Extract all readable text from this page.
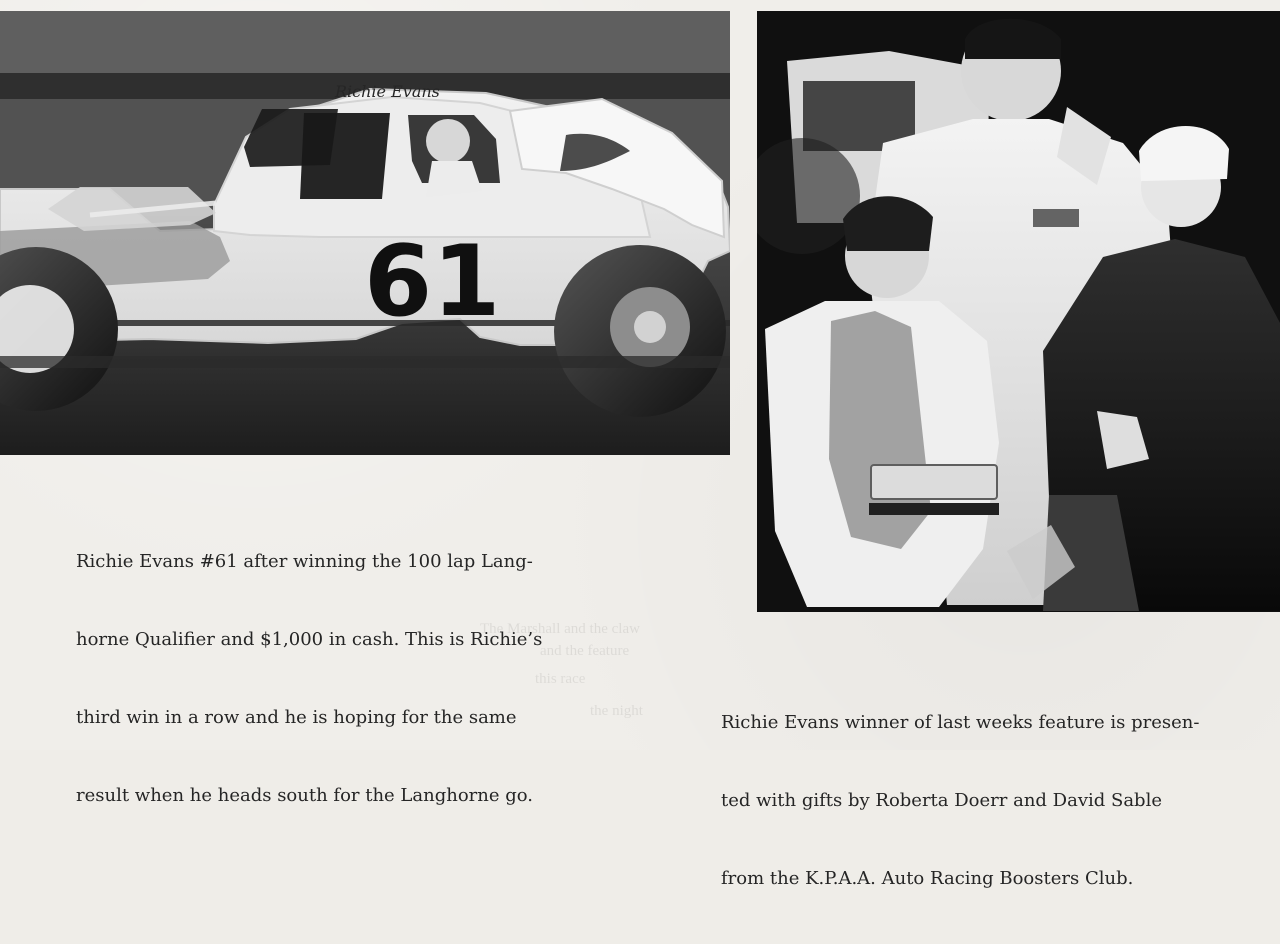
The Marshall and the claw
and the feature
this race
the night
Richie Evans
61

Richie Evans #61 after winning the 100 lap Lang-

horne Qualifier and $1,000 in cash. This is Richie’s

third win in a row and he is hoping for the same

result when he heads south for the Langhorne go.

Richie Evans winner of last weeks feature is presen-

ted with gifts by Roberta Doerr and David Sable

from the K.P.A.A. Auto Racing Boosters Club.
